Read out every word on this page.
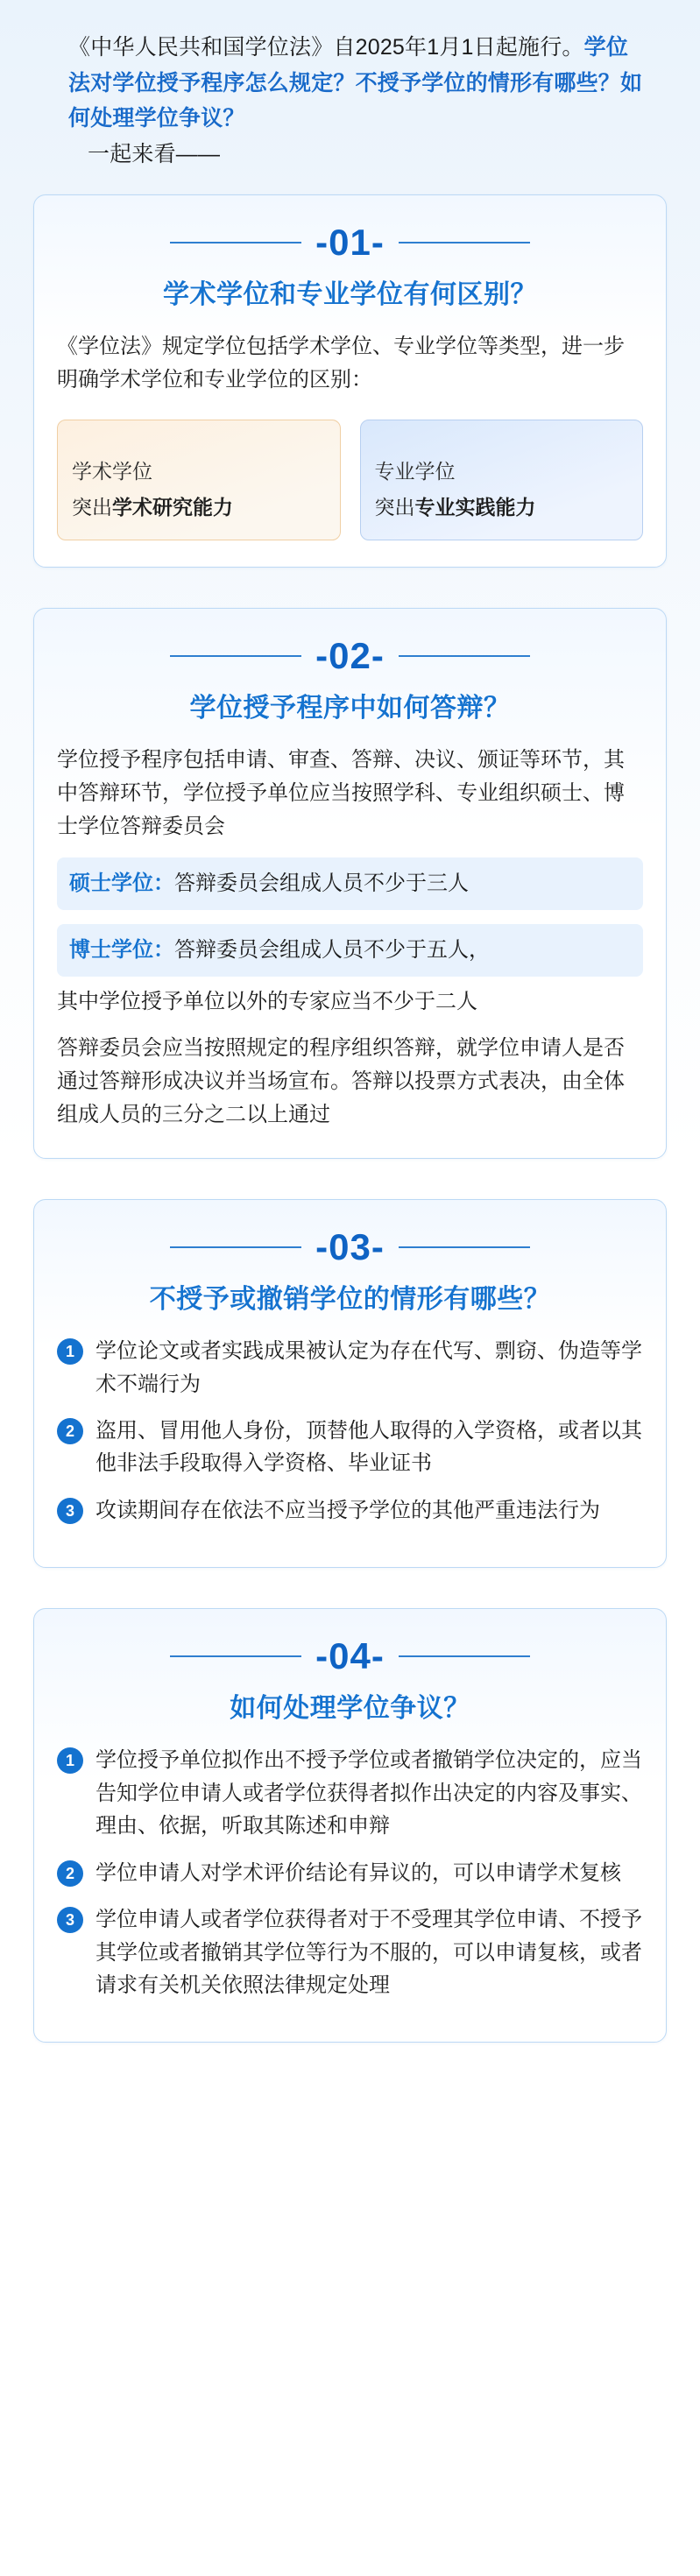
《中华人民共和国学位法》自2025年1月1日起施行。学位法对学位授予程序怎么规定？不授予学位的情形有哪些？如何处理学位争议？
一起来看——
-01-
学术学位和专业学位有何区别？
《学位法》规定学位包括学术学位、专业学位等类型，进一步明确学术学位和专业学位的区别：
学术学位
突出学术研究能力
专业学位
突出专业实践能力
-02-
学位授予程序中如何答辩？
学位授予程序包括申请、审查、答辩、决议、颁证等环节，其中答辩环节，学位授予单位应当按照学科、专业组织硕士、博士学位答辩委员会
硕士学位：答辩委员会组成人员不少于三人
博士学位：答辩委员会组成人员不少于五人，
其中学位授予单位以外的专家应当不少于二人
答辩委员会应当按照规定的程序组织答辩，就学位申请人是否通过答辩形成决议并当场宣布。答辩以投票方式表决，由全体组成人员的三分之二以上通过
-03-
不授予或撤销学位的情形有哪些？
1	学位论文或者实践成果被认定为存在代写、剽窃、伪造等学术不端行为
2	盗用、冒用他人身份，顶替他人取得的入学资格，或者以其他非法手段取得入学资格、毕业证书
3	攻读期间存在依法不应当授予学位的其他严重违法行为
-04-
如何处理学位争议？
1	学位授予单位拟作出不授予学位或者撤销学位决定的，应当告知学位申请人或者学位获得者拟作出决定的内容及事实、理由、依据，听取其陈述和申辩
2	学位申请人对学术评价结论有异议的，可以申请学术复核
3	学位申请人或者学位获得者对于不受理其学位申请、不授予其学位或者撤销其学位等行为不服的，可以申请复核，或者请求有关机关依照法律规定处理
